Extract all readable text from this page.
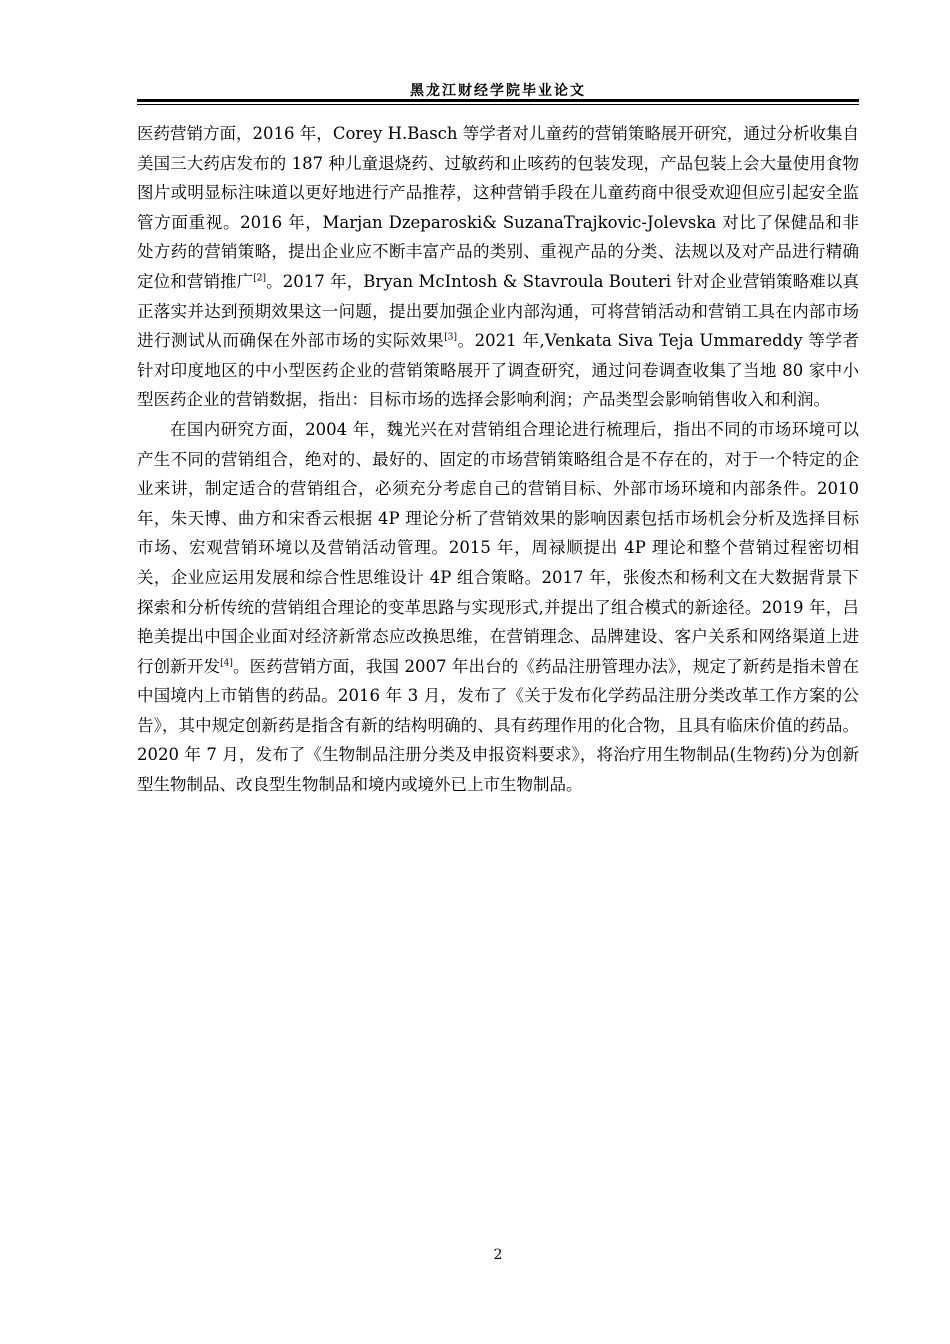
黑龙江财经学院毕业论文

医药营销方面，2016 年，Corey H.Basch 等学者对儿童药的营销策略展开研究，通过分析收集自美国三大药店发布的 187 种儿童退烧药、过敏药和止咳药的包装发现，产品包装上会大量使用食物图片或明显标注味道以更好地进行产品推荐，这种营销手段在儿童药商中很受欢迎但应引起安全监管方面重视。2016 年，Marjan Dzeparoski& SuzanaTrajkovic-Jolevska 对比了保健品和非处方药的营销策略，提出企业应不断丰富产品的类别、重视产品的分类、法规以及对产品进行精确定位和营销推广[2]。2017 年，Bryan McIntosh & Stavroula Bouteri 针对企业营销策略难以真正落实并达到预期效果这一问题，提出要加强企业内部沟通，可将营销活动和营销工具在内部市场进行测试从而确保在外部市场的实际效果[3]。2021 年,Venkata Siva Teja Ummareddy 等学者针对印度地区的中小型医药企业的营销策略展开了调查研究，通过问卷调查收集了当地 80 家中小型医药企业的营销数据，指出：目标市场的选择会影响利润；产品类型会影响销售收入和利润。

在国内研究方面，2004 年，魏光兴在对营销组合理论进行梳理后，指出不同的市场环境可以产生不同的营销组合，绝对的、最好的、固定的市场营销策略组合是不存在的，对于一个特定的企业来讲，制定适合的营销组合，必须充分考虑自己的营销目标、外部市场环境和内部条件。2010 年，朱天博、曲方和宋香云根据 4P 理论分析了营销效果的影响因素包括市场机会分析及选择目标市场、宏观营销环境以及营销活动管理。2015 年，周禄顺提出 4P 理论和整个营销过程密切相关，企业应运用发展和综合性思维设计 4P 组合策略。2017 年，张俊杰和杨利文在大数据背景下探索和分析传统的营销组合理论的变革思路与实现形式,并提出了组合模式的新途径。2019 年，吕艳美提出中国企业面对经济新常态应改换思维，在营销理念、品牌建设、客户关系和网络渠道上进行创新开发[4]。医药营销方面，我国 2007 年出台的《药品注册管理办法》，规定了新药是指未曾在中国境内上市销售的药品。2016 年 3 月，发布了《关于发布化学药品注册分类改革工作方案的公告》，其中规定创新药是指含有新的结构明确的、具有药理作用的化合物，且具有临床价值的药品。2020 年 7 月，发布了《生物制品注册分类及申报资料要求》，将治疗用生物制品(生物药)分为创新型生物制品、改良型生物制品和境内或境外已上市生物制品。

2
